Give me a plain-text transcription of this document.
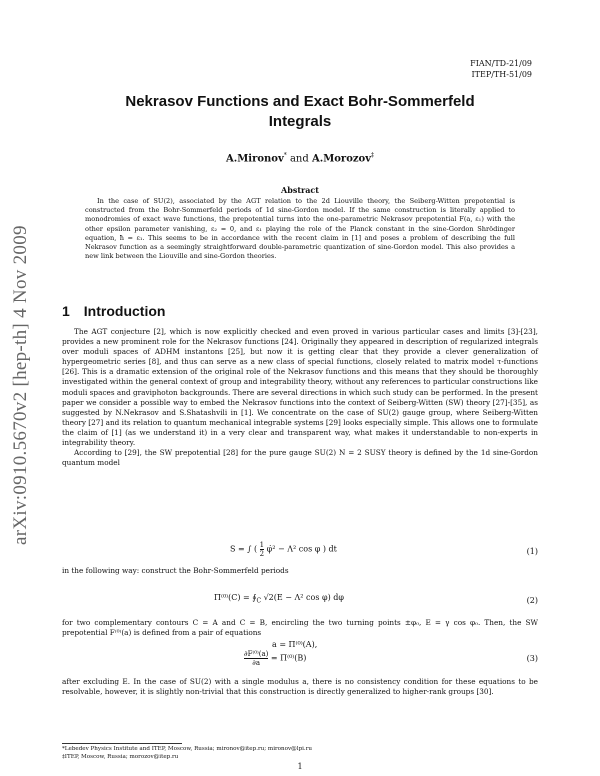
FIAN/TD-21/09
ITEP/TH-51/09
arXiv:0910.5670v2 [hep-th] 4 Nov 2009
Nekrasov Functions and Exact Bohr-Sommerfeld
Integrals
A.Mironov* and A.Morozov‡
Abstract

In the case of SU(2), associated by the AGT relation to the 2d Liouville theory, the Seiberg-Witten prepotential is constructed from the Bohr-Sommerfeld periods of 1d sine-Gordon model. If the same construction is literally applied to monodromies of exact wave functions, the prepotential turns into the one-parametric Nekrasov prepotential F(a, ε₁) with the other epsilon parameter vanishing, ε₂ = 0, and ε₁ playing the role of the Planck constant in the sine-Gordon Shrödinger equation, ħ = ε₁. This seems to be in accordance with the recent claim in [1] and poses a problem of describing the full Nekrasov function as a seemingly straightforward double-parametric quantization of sine-Gordon model. This also provides a new link between the Liouville and sine-Gordon theories.

1 Introduction

The AGT conjecture [2], which is now explicitly checked and even proved in various particular cases and limits [3]-[23], provides a new prominent role for the Nekrasov functions [24]. Originally they appeared in description of regularized integrals over moduli spaces of ADHM instantons [25], but now it is getting clear that they provide a clever generalization of hypergeometric series [8], and thus can serve as a new class of special functions, closely related to matrix model τ-functions [26]. This is a dramatic extension of the original role of the Nekrasov functions and this means that they should be thoroughly investigated within the general context of group and integrability theory, without any references to particular constructions like moduli spaces and graviphoton backgrounds. There are several directions in which such study can be performed. In the present paper we consider a possible way to embed the Nekrasov functions into the context of Seiberg-Witten (SW) theory [27]-[35], as suggested by N.Nekrasov and S.Shatashvili in [1]. We concentrate on the case of SU(2) gauge group, where Seiberg-Witten theory [27] and its relation to quantum mechanical integrable systems [29] looks especially simple. This allows one to formulate the claim of [1] (as we understand it) in a very clear and transparent way, what makes it understandable to non-experts in integrability theory.

According to [29], the SW prepotential [28] for the pure gauge SU(2) N = 2 SUSY theory is defined by the 1d sine-Gordon quantum model

S = ∫ ( $\frac{1}{2}$ φ̇² − Λ² cos φ ) dt	(1)

in the following way: construct the Bohr-Sommerfeld periods

$\Pi^{(0)}(C) = ∮_C$ √2(E − Λ² cos φ) dφ	(2)

for two complementary contours C = A and C = B, encircling the two turning points ±φ₀, E = γ cos φ₀. Then, the SW prepotential F⁽⁰⁾(a) is defined from a pair of equations

a = Π⁽⁰⁾(A),
$\frac{\text{∂F⁽⁰⁾(a)}}{\partial a} = \Pi^{(0)}(B)$	(3)

after excluding E. In the case of SU(2) with a single modulus a, there is no consistency condition for these equations to be resolvable, however, it is slightly non-trivial that this construction is directly generalized to higher-rank groups [30].

*Lebedev Physics Institute and ITEP, Moscow, Russia; mironov@itep.ru; mironov@lpi.ru
‡ITEP, Moscow, Russia; morozov@itep.ru
1
